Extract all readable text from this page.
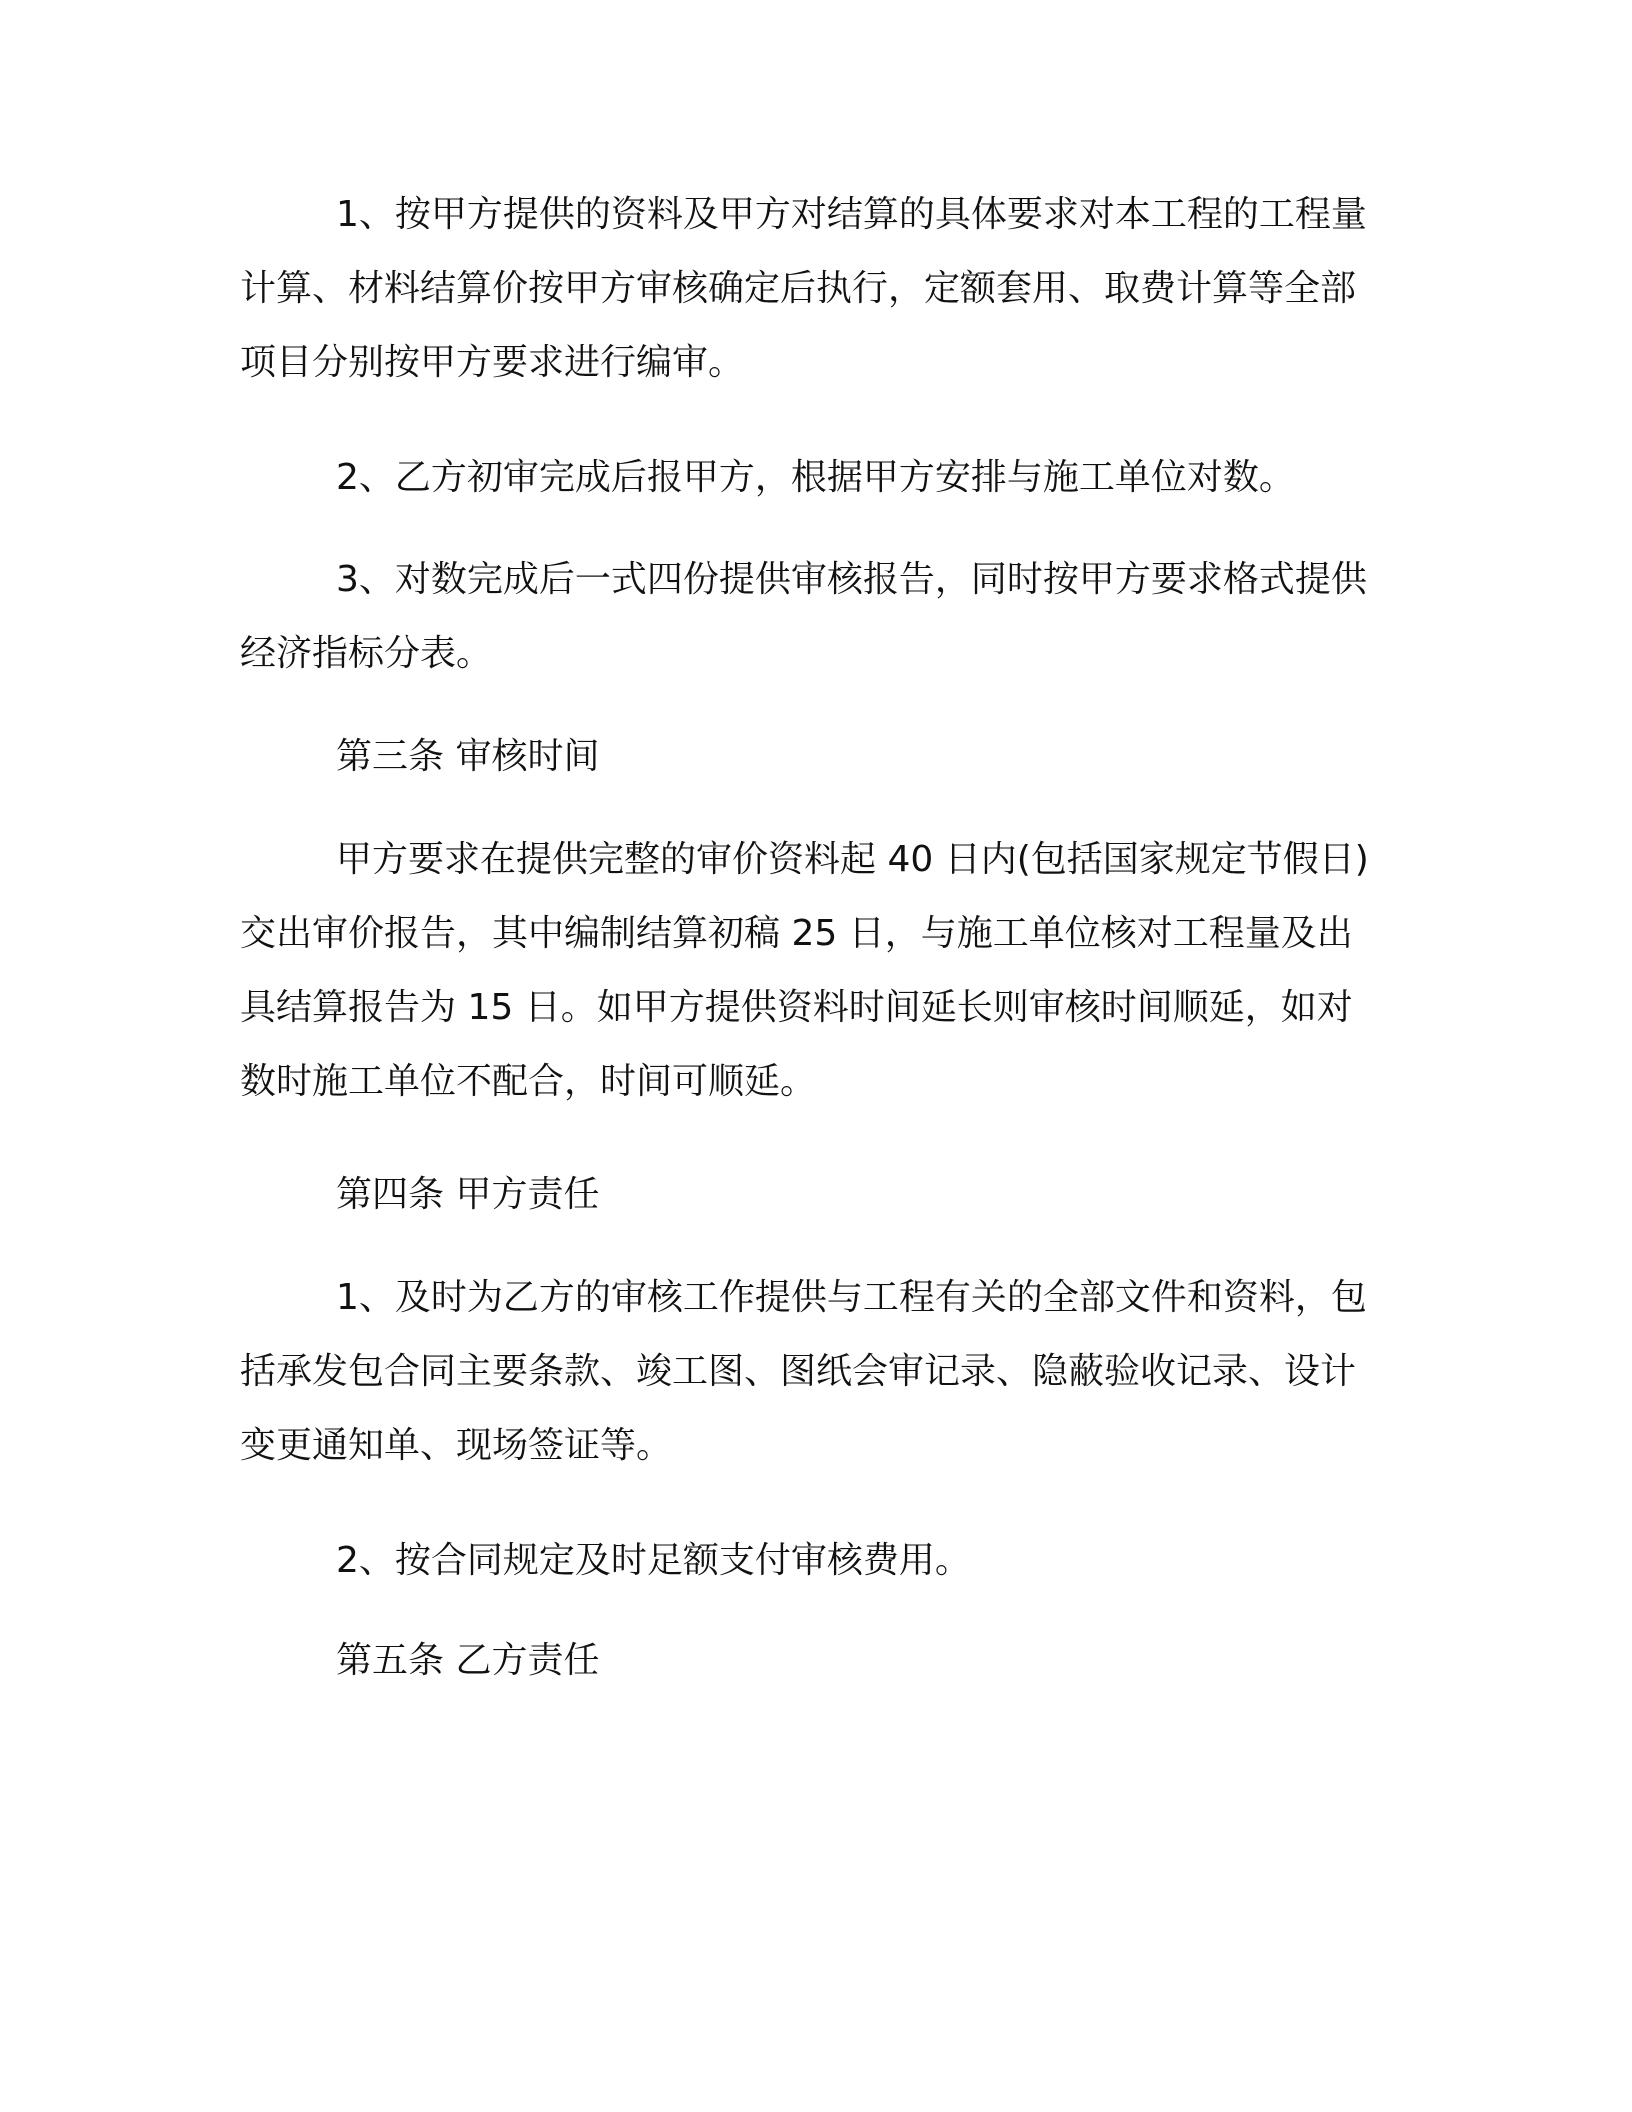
1、按甲方提供的资料及甲方对结算的具体要求对本工程的工程量计算、材料结算价按甲方审核确定后执行，定额套用、取费计算等全部项目分别按甲方要求进行编审。

2、乙方初审完成后报甲方，根据甲方安排与施工单位对数。

3、对数完成后一式四份提供审核报告，同时按甲方要求格式提供经济指标分表。

第三条 审核时间

甲方要求在提供完整的审价资料起 40 日内(包括国家规定节假日)交出审价报告，其中编制结算初稿 25 日，与施工单位核对工程量及出具结算报告为 15 日。如甲方提供资料时间延长则审核时间顺延，如对数时施工单位不配合，时间可顺延。

第四条 甲方责任

1、及时为乙方的审核工作提供与工程有关的全部文件和资料，包括承发包合同主要条款、竣工图、图纸会审记录、隐蔽验收记录、设计变更通知单、现场签证等。

2、按合同规定及时足额支付审核费用。

第五条 乙方责任
